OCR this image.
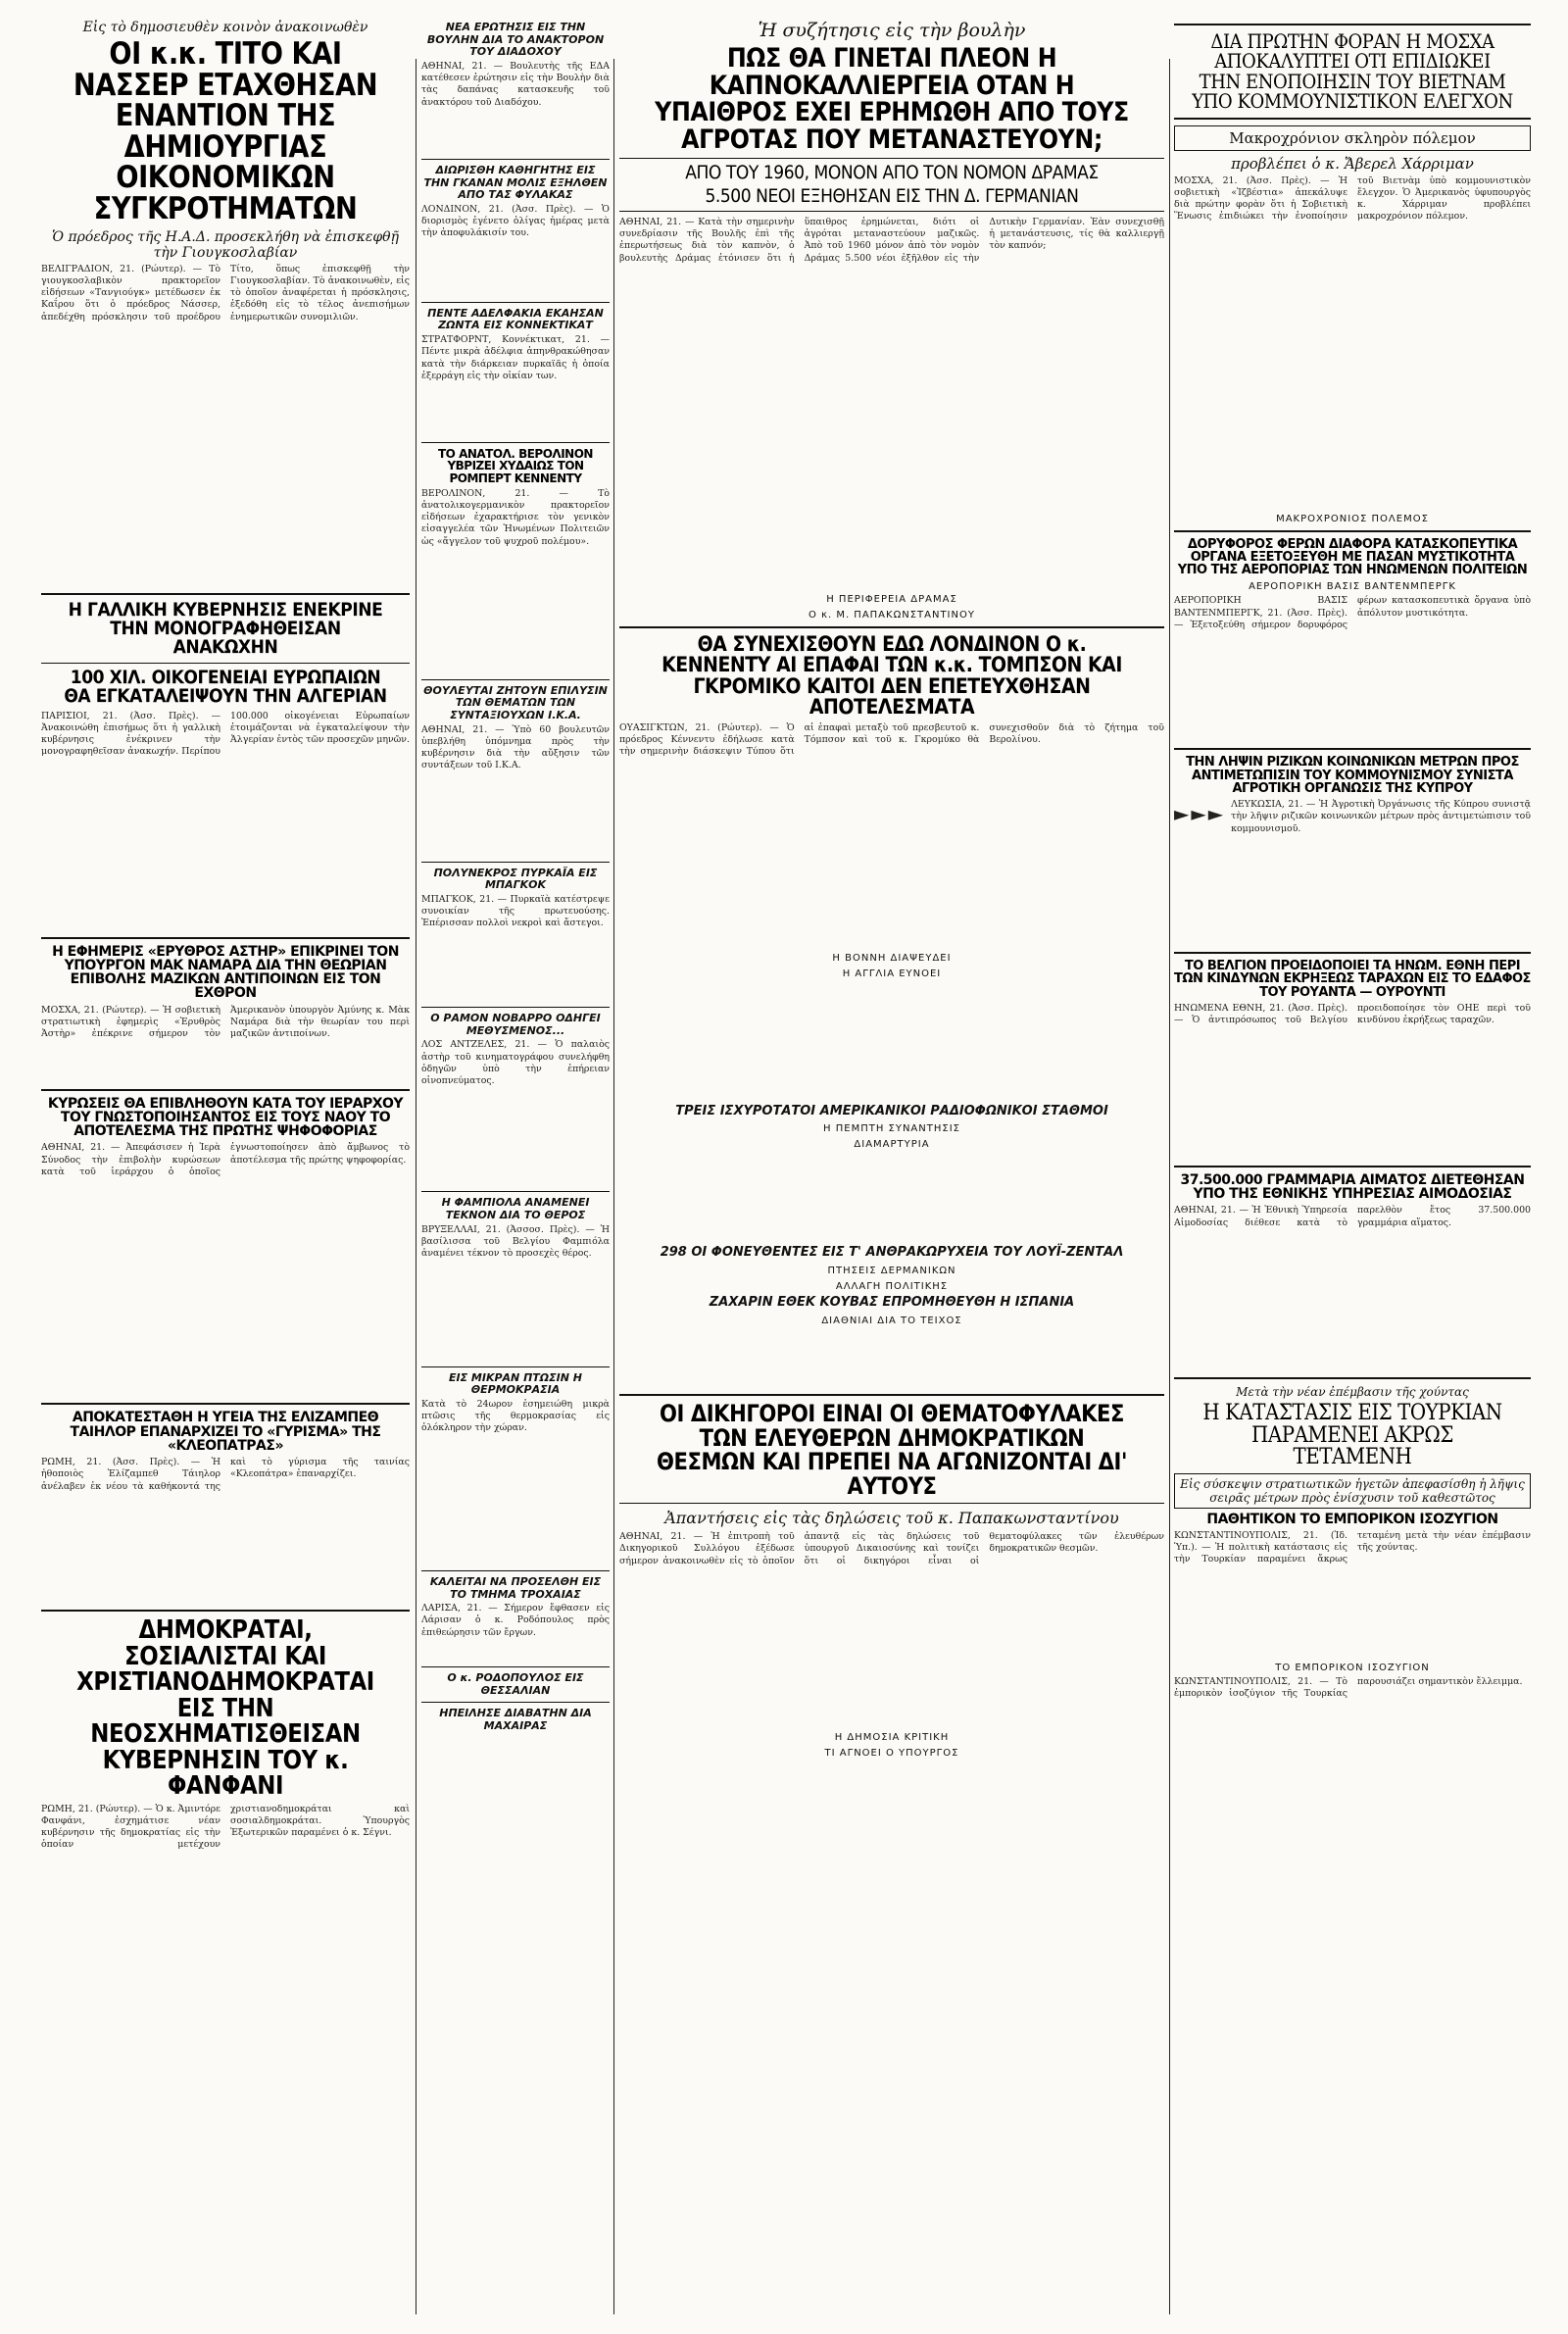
Εἰς τὸ δημοσιευθὲν κοινὸν ἀνακοινωθὲν
ΟΙ κ.κ. ΤΙΤΟ ΚΑΙ ΝΑΣΣΕΡ ΕΤΑΧΘΗΣΑΝ ΕΝΑΝΤΙΟΝ ΤΗΣ ΔΗΜΙΟΥΡΓΙΑΣ ΟΙΚΟΝΟΜΙΚΩΝ ΣΥΓΚΡΟΤΗΜΑΤΩΝ
Ὁ πρόεδρος τῆς Η.Α.Δ. προσεκλήθη νὰ ἐπισκεφθῇ τὴν Γιουγκοσλαβίαν
ΒΕΛΙΓΡΑΔΙΟΝ, 21. (Ρώυτερ). — Τὸ γιουγκοσλαβικὸν πρακτορεῖον εἰδήσεων «Τανγιούγκ» μετέδωσεν ἐκ Καΐρου ὅτι ὁ πρόεδρος Νάσσερ, ἀπεδέχθη πρόσκλησιν τοῦ προέδρου Τίτο, ὅπως ἐπισκεφθῇ τὴν Γιουγκοσλαβίαν. Τὸ ἀνακοινωθὲν, εἰς τὸ ὁποῖον ἀναφέρεται ἡ πρόσκλησις, ἐξεδόθη εἰς τὸ τέλος ἀνεπισήμων ἐνημερωτικῶν συνομιλιῶν.
Η ΓΑΛΛΙΚΗ ΚΥΒΕΡΝΗΣΙΣ ΕΝΕΚΡΙΝΕ ΤΗΝ ΜΟΝΟΓΡΑΦΗΘΕΙΣΑΝ ΑΝΑΚΩΧΗΝ
100 ΧΙΛ. ΟΙΚΟΓΕΝΕΙΑΙ ΕΥΡΩΠΑΙΩΝ ΘΑ ΕΓΚΑΤΑΛΕΙΨΟΥΝ ΤΗΝ ΑΛΓΕΡΙΑΝ
ΠΑΡΙΣΙΟΙ, 21. (Ἀσσ. Πρὲς). — Ἀνακοινώθη ἐπισήμως ὅτι ἡ γαλλικὴ κυβέρνησις ἐνέκρινεν τὴν μονογραφηθεῖσαν ἀνακωχήν. Περίπου 100.000 οἰκογένειαι Εὐρωπαίων ἐτοιμάζονται νὰ ἐγκαταλείψουν τὴν Ἀλγερίαν ἐντὸς τῶν προσεχῶν μηνῶν.
Η ΕΦΗΜΕΡΙΣ «ΕΡΥΘΡΟΣ ΑΣΤΗΡ» ΕΠΙΚΡΙΝΕΙ ΤΟΝ ΥΠΟΥΡΓΟΝ ΜΑΚ ΝΑΜΑΡΑ ΔΙΑ ΤΗΝ ΘΕΩΡΙΑΝ ΕΠΙΒΟΛΗΣ ΜΑΖΙΚΩΝ ΑΝΤΙΠΟΙΝΩΝ ΕΙΣ ΤΟΝ ΕΧΘΡΟΝ
ΜΟΣΧΑ, 21. (Ρώυτερ). — Ἡ σοβιετικὴ στρατιωτικὴ ἐφημερὶς «Ἐρυθρὸς Ἀστὴρ» ἐπέκρινε σήμερον τὸν Ἀμερικανὸν ὑπουργὸν Ἀμύνης κ. Μὰκ Ναμάρα διὰ τὴν θεωρίαν του περὶ μαζικῶν ἀντιποίνων.
ΚΥΡΩΣΕΙΣ ΘΑ ΕΠΙΒΛΗΘΟΥΝ ΚΑΤΑ ΤΟΥ ΙΕΡΑΡΧΟΥ ΤΟΥ ΓΝΩΣΤΟΠΟΙΗΣΑΝΤΟΣ ΕΙΣ ΤΟΥΣ ΝΑΟΥ ΤΟ ΑΠΟΤΕΛΕΣΜΑ ΤΗΣ ΠΡΩΤΗΣ ΨΗΦΟΦΟΡΙΑΣ
ΑΘΗΝΑΙ, 21. — Ἀπεφάσισεν ἡ Ἱερὰ Σύνοδος τὴν ἐπιβολὴν κυρώσεων κατὰ τοῦ ἱεράρχου ὁ ὁποῖος ἐγνωστοποίησεν ἀπὸ ἄμβωνος τὸ ἀποτέλεσμα τῆς πρώτης ψηφοφορίας.
ΑΠΟΚΑΤΕΣΤΑΘΗ Η ΥΓΕΙΑ ΤΗΣ ΕΛΙΖΑΜΠΕΘ ΤΑΙΗΛΟΡ ΕΠΑΝΑΡΧΙΖΕΙ ΤΟ «ΓΥΡΙΣΜΑ» ΤΗΣ «ΚΛΕΟΠΑΤΡΑΣ»
ΡΩΜΗ, 21. (Ἀσσ. Πρὲς). — Ἡ ἠθοποιὸς Ἐλίζαμπεθ Τάιηλορ ἀνέλαβεν ἐκ νέου τὰ καθήκοντά της καὶ τὸ γύρισμα τῆς ταινίας «Κλεοπάτρα» ἐπαναρχίζει.
ΔΗΜΟΚΡΑΤΑΙ, ΣΟΣΙΑΛΙΣΤΑΙ ΚΑΙ ΧΡΙΣΤΙΑΝΟΔΗΜΟΚΡΑΤΑΙ ΕΙΣ ΤΗΝ ΝΕΟΣΧΗΜΑΤΙΣΘΕΙΣΑΝ ΚΥΒΕΡΝΗΣΙΝ ΤΟΥ κ. ΦΑΝΦΑΝΙ
ΡΩΜΗ, 21. (Ρώυτερ). — Ὁ κ. Ἀμιντόρε Φανφάνι, ἐσχημάτισε νέαν κυβέρνησιν τῆς δημοκρατίας εἰς τὴν ὁποίαν μετέχουν χριστιανοδημοκράται καὶ σοσιαλδημοκράται. Ὑπουργὸς Ἐξωτερικῶν παραμένει ὁ κ. Σέγνι.
ΝΕΑ ΕΡΩΤΗΣΙΣ ΕΙΣ ΤΗΝ ΒΟΥΛΗΝ ΔΙΑ ΤΟ ΑΝΑΚΤΟΡΟΝ ΤΟΥ ΔΙΑΔΟΧΟΥ
ΑΘΗΝΑΙ, 21. — Βουλευτὴς τῆς ΕΔΑ κατέθεσεν ἐρώτησιν εἰς τὴν Βουλὴν διὰ τὰς δαπάνας κατασκευῆς τοῦ ἀνακτόρου τοῦ Διαδόχου.
ΔΙΩΡΙΣΘΗ ΚΑΘΗΓΗΤΗΣ ΕΙΣ ΤΗΝ ΓΚΑΝΑΝ ΜΟΛΙΣ ΕΞΗΛΘΕΝ ΑΠΟ ΤΑΣ ΦΥΛΑΚΑΣ
ΛΟΝΔΙΝΟΝ, 21. (Ἀσσ. Πρὲς). — Ὁ διορισμὸς ἐγένετο ὀλίγας ἡμέρας μετὰ τὴν ἀποφυλάκισίν του.
ΠΕΝΤΕ ΑΔΕΛΦΑΚΙΑ ΕΚΑΗΣΑΝ ΖΩΝΤΑ ΕΙΣ ΚΟΝΝΕΚΤΙΚΑΤ
ΣΤΡΑΤΦΟΡΝΤ, Κοννέκτικατ, 21. — Πέντε μικρὰ ἀδέλφια ἀπηνθρακώθησαν κατὰ τὴν διάρκειαν πυρκαϊᾶς ἡ ὁποία ἐξερράγη εἰς τὴν οἰκίαν των.
ΤΟ ΑΝΑΤΟΛ. ΒΕΡΟΛΙΝΟΝ ΥΒΡΙΖΕΙ ΧΥΔΑΙΩΣ ΤΟΝ ΡΟΜΠΕΡΤ ΚΕΝΝΕΝΤΥ
ΒΕΡΟΛΙΝΟΝ, 21. — Τὸ ἀνατολικογερμανικὸν πρακτορεῖον εἰδήσεων ἐχαρακτήρισε τὸν γενικὸν εἰσαγγελέα τῶν Ἡνωμένων Πολιτειῶν ὡς «ἄγγελον τοῦ ψυχροῦ πολέμου».
ΘΟΥΛΕΥΤΑΙ ΖΗΤΟΥΝ ΕΠΙΛΥΣΙΝ ΤΩΝ ΘΕΜΑΤΩΝ ΤΩΝ ΣΥΝΤΑΞΙΟΥΧΩΝ Ι.Κ.Α.
ΑΘΗΝΑΙ, 21. — Ὑπὸ 60 βουλευτῶν ὑπεβλήθη ὑπόμνημα πρὸς τὴν κυβέρνησιν διὰ τὴν αὔξησιν τῶν συντάξεων τοῦ Ι.Κ.Α.
ΠΟΛΥΝΕΚΡΟΣ ΠΥΡΚΑΪΑ ΕΙΣ ΜΠΑΓΚΟΚ
ΜΠΑΓΚΟΚ, 21. — Πυρκαϊὰ κατέστρεψε συνοικίαν τῆς πρωτευούσης. Ἐπέρισσαν πολλοὶ νεκροὶ καὶ ἄστεγοι.
Ο ΡΑΜΟΝ ΝΟΒΑΡΡΟ ΟΔΗΓΕΙ ΜΕΘΥΣΜΕΝΟΣ...
ΛΟΣ ΑΝΤΖΕΛΕΣ, 21. — Ὁ παλαιὸς ἀστὴρ τοῦ κινηματογράφου συνελήφθη ὁδηγῶν ὑπὸ τὴν ἐπήρειαν οἰνοπνεύματος.
Η ΦΑΜΠΙΟΛΑ ΑΝΑΜΕΝΕΙ ΤΕΚΝΟΝ ΔΙΑ ΤΟ ΘΕΡΟΣ
ΒΡΥΞΕΛΛΑΙ, 21. (Ἀσσοσ. Πρὲς). — Ἡ βασίλισσα τοῦ Βελγίου Φαμπιόλα ἀναμένει τέκνον τὸ προσεχὲς θέρος.
ΕΙΣ ΜΙΚΡΑΝ ΠΤΩΣΙΝ Η ΘΕΡΜΟΚΡΑΣΙΑ
Κατὰ τὸ 24ωρον ἐσημειώθη μικρὰ πτῶσις τῆς θερμοκρασίας εἰς ὁλόκληρον τὴν χώραν.
ΚΑΛΕΙΤΑΙ ΝΑ ΠΡΟΣΕΛΘΗ ΕΙΣ ΤΟ ΤΜΗΜΑ ΤΡΟΧΑΙΑΣ
ΛΑΡΙΣΑ, 21. — Σήμερον ἔφθασεν εἰς Λάρισαν ὁ κ. Ροδόπουλος πρὸς ἐπιθεώρησιν τῶν ἔργων.
Ο κ. ΡΟΔΟΠΟΥΛΟΣ ΕΙΣ ΘΕΣΣΑΛΙΑΝ
ΗΠΕΙΛΗΣΕ ΔΙΑΒΑΤΗΝ ΔΙΑ ΜΑΧΑΙΡΑΣ
Ἡ συζήτησις εἰς τὴν βουλὴν
ΠΩΣ ΘΑ ΓΙΝΕΤΑΙ ΠΛΕΟΝ Η ΚΑΠΝΟΚΑΛΛΙΕΡΓΕΙΑ ΟΤΑΝ Η ΥΠΑΙΘΡΟΣ ΕΧΕΙ ΕΡΗΜΩΘΗ ΑΠΟ ΤΟΥΣ ΑΓΡΟΤΑΣ ΠΟΥ ΜΕΤΑΝΑΣΤΕΥΟΥΝ;
ΑΠΟ ΤΟΥ 1960, ΜΟΝΟΝ ΑΠΟ ΤΟΝ ΝΟΜΟΝ ΔΡΑΜΑΣ
5.500 ΝΕΟΙ ΕΞΗΘΗΣΑΝ ΕΙΣ ΤΗΝ Δ. ΓΕΡΜΑΝΙΑΝ
ΑΘΗΝΑΙ, 21. — Κατὰ τὴν σημερινὴν συνεδρίασιν τῆς Βουλῆς ἐπὶ τῆς ἐπερωτήσεως διὰ τὸν καπνὸν, ὁ βουλευτὴς Δράμας ἐτόνισεν ὅτι ἡ ὕπαιθρος ἐρημώνεται, διότι οἱ ἀγρόται μεταναστεύουν μαζικῶς. Ἀπὸ τοῦ 1960 μόνον ἀπὸ τὸν νομὸν Δράμας 5.500 νέοι ἐξῆλθον εἰς τὴν Δυτικὴν Γερμανίαν. Ἐὰν συνεχισθῇ ἡ μετανάστευσις, τίς θὰ καλλιεργῇ τὸν καπνόν;
Η ΠΕΡΙΦΕΡΕΙΑ ΔΡΑΜΑΣ
Ο κ. Μ. ΠΑΠΑΚΩΝΣΤΑΝΤΙΝΟΥ
ΘΑ ΣΥΝΕΧΙΣΘΟΥΝ ΕΔΩ ΛΟΝΔΙΝΟΝ Ο κ. ΚΕΝΝΕΝΤΥ ΑΙ ΕΠΑΦΑΙ ΤΩΝ κ.κ. ΤΟΜΠΣΟΝ ΚΑΙ ΓΚΡΟΜΙΚΟ ΚΑΙΤΟΙ ΔΕΝ ΕΠΕΤΕΥΧΘΗΣΑΝ ΑΠΟΤΕΛΕΣΜΑΤΑ
ΟΥΑΣΙΓΚΤΩΝ, 21. (Ρώυτερ). — Ὁ πρόεδρος Κέννεντυ ἐδήλωσε κατὰ τὴν σημερινὴν διάσκεψιν Τύπου ὅτι αἱ ἐπαφαὶ μεταξὺ τοῦ πρεσβευτοῦ κ. Τόμπσον καὶ τοῦ κ. Γκρομύκο θὰ συνεχισθοῦν διὰ τὸ ζήτημα τοῦ Βερολίνου.
Η ΒΟΝΝΗ ΔΙΑΨΕΥΔΕΙ
Η ΑΓΓΛΙΑ ΕΥΝΟΕΙ
ΤΡΕΙΣ ΙΣΧΥΡΟΤΑΤΟΙ ΑΜΕΡΙΚΑΝΙΚΟΙ ΡΑΔΙΟΦΩΝΙΚΟΙ ΣΤΑΘΜΟΙ
Η ΠΕΜΠΤΗ ΣΥΝΑΝΤΗΣΙΣ
ΔΙΑΜΑΡΤΥΡΙΑ
298 ΟΙ ΦΟΝΕΥΘΕΝΤΕΣ ΕΙΣ Τ' ΑΝΘΡΑΚΩΡΥΧΕΙΑ ΤΟΥ ΛΟΥΪ-ΖΕΝΤΑΛ
ΠΤΗΣΕΙΣ ΔΕΡΜΑΝΙΚΩΝ
ΑΛΛΑΓΗ ΠΟΛΙΤΙΚΗΣ
ΖΑΧΑΡΙΝ ΕΘΕΚ ΚΟΥΒΑΣ ΕΠΡΟΜΗΘΕΥΘΗ Η ΙΣΠΑΝΙΑ
ΔΙΑΘΝΙΑΙ ΔΙΑ ΤΟ ΤΕΙΧΟΣ
ΟΙ ΔΙΚΗΓΟΡΟΙ ΕΙΝΑΙ ΟΙ ΘΕΜΑΤΟΦΥΛΑΚΕΣ ΤΩΝ ΕΛΕΥΘΕΡΩΝ ΔΗΜΟΚΡΑΤΙΚΩΝ ΘΕΣΜΩΝ ΚΑΙ ΠΡΕΠΕΙ ΝΑ ΑΓΩΝΙΖΟΝΤΑΙ ΔΙ' ΑΥΤΟΥΣ
Ἀπαντήσεις εἰς τὰς δηλώσεις τοῦ κ. Παπακωνσταντίνου
ΑΘΗΝΑΙ, 21. — Ἡ ἐπιτροπὴ τοῦ Δικηγορικοῦ Συλλόγου ἐξέδωσε σήμερον ἀνακοινωθὲν εἰς τὸ ὁποῖον ἀπαντᾷ εἰς τὰς δηλώσεις τοῦ ὑπουργοῦ Δικαιοσύνης καὶ τονίζει ὅτι οἱ δικηγόροι εἶναι οἱ θεματοφύλακες τῶν ἐλευθέρων δημοκρατικῶν θεσμῶν.
Η ΔΗΜΟΣΙΑ ΚΡΙΤΙΚΗ
ΤΙ ΑΓΝΟΕΙ Ο ΥΠΟΥΡΓΟΣ
ΔΙΑ ΠΡΩΤΗΝ ΦΟΡΑΝ Η ΜΟΣΧΑ ΑΠΟΚΑΛΥΠΤΕΙ ΟΤΙ ΕΠΙΔΙΩΚΕΙ ΤΗΝ ΕΝΟΠΟΙΗΣΙΝ ΤΟΥ ΒΙΕΤΝΑΜ ΥΠΟ ΚΟΜΜΟΥΝΙΣΤΙΚΟΝ ΕΛΕΓΧΟΝ
Μακροχρόνιον σκληρὸν πόλεμον
προβλέπει ὁ κ. Ἄβερελ Χάρριμαν
ΜΟΣΧΑ, 21. (Ἀσσ. Πρὲς). — Ἡ σοβιετικὴ «Ἰζβέστια» ἀπεκάλυψε διὰ πρώτην φορὰν ὅτι ἡ Σοβιετικὴ Ἕνωσις ἐπιδιώκει τὴν ἑνοποίησιν τοῦ Βιετνὰμ ὑπὸ κομμουνιστικὸν ἔλεγχον. Ὁ Ἀμερικανὸς ὑφυπουργὸς κ. Χάρριμαν προβλέπει μακροχρόνιον πόλεμον.
ΜΑΚΡΟΧΡΟΝΙΟΣ ΠΟΛΕΜΟΣ
ΔΟΡΥΦΟΡΟΣ ΦΕΡΩΝ ΔΙΑΦΟΡΑ ΚΑΤΑΣΚΟΠΕΥΤΙΚΑ ΟΡΓΑΝΑ ΕΞΕΤΟΞΕΥΘΗ ΜΕ ΠΑΣΑΝ ΜΥΣΤΙΚΟΤΗΤΑ ΥΠΟ ΤΗΣ ΑΕΡΟΠΟΡΙΑΣ ΤΩΝ ΗΝΩΜΕΝΩΝ ΠΟΛΙΤΕΙΩΝ
ΑΕΡΟΠΟΡΙΚΗ ΒΑΣΙΣ ΒΑΝΤΕΝΜΠΕΡΓΚ
ΑΕΡΟΠΟΡΙΚΗ ΒΑΣΙΣ ΒΑΝΤΕΝΜΠΕΡΓΚ, 21. (Ἀσσ. Πρὲς). — Ἐξετοξεύθη σήμερον δορυφόρος φέρων κατασκοπευτικὰ ὄργανα ὑπὸ ἀπόλυτον μυστικότητα.
ΤΗΝ ΛΗΨΙΝ ΡΙΖΙΚΩΝ ΚΟΙΝΩΝΙΚΩΝ ΜΕΤΡΩΝ ΠΡΟΣ ΑΝΤΙΜΕΤΩΠΙΣΙΝ ΤΟΥ ΚΟΜΜΟΥΝΙΣΜΟΥ ΣΥΝΙΣΤΑ ΑΓΡΟΤΙΚΗ ΟΡΓΑΝΩΣΙΣ ΤΗΣ ΚΥΠΡΟΥ
►►► ΛΕΥΚΩΣΙΑ, 21. — Ἡ Ἀγροτικὴ Ὀργάνωσις τῆς Κύπρου συνιστᾷ τὴν λῆψιν ριζικῶν κοινωνικῶν μέτρων πρὸς ἀντιμετώπισιν τοῦ κομμουνισμοῦ.
ΤΟ ΒΕΛΓΙΟΝ ΠΡΟΕΙΔΟΠΟΙΕΙ ΤΑ ΗΝΩΜ. ΕΘΝΗ ΠΕΡΙ ΤΩΝ ΚΙΝΔΥΝΩΝ ΕΚΡΗΞΕΩΣ ΤΑΡΑΧΩΝ ΕΙΣ ΤΟ ΕΔΑΦΟΣ ΤΟΥ ΡΟΥΑΝΤΑ — ΟΥΡΟΥΝΤΙ
ΗΝΩΜΕΝΑ ΕΘΝΗ, 21. (Ἀσσ. Πρὲς). — Ὁ ἀντιπρόσωπος τοῦ Βελγίου προειδοποίησε τὸν ΟΗΕ περὶ τοῦ κινδύνου ἐκρήξεως ταραχῶν.
37.500.000 ΓΡΑΜΜΑΡΙΑ ΑΙΜΑΤΟΣ ΔΙΕΤΕΘΗΣΑΝ ΥΠΟ ΤΗΣ ΕΘΝΙΚΗΣ ΥΠΗΡΕΣΙΑΣ ΑΙΜΟΔΟΣΙΑΣ
ΑΘΗΝΑΙ, 21. — Ἡ Ἐθνικὴ Ὑπηρεσία Αἱμοδοσίας διέθεσε κατὰ τὸ παρελθὸν ἔτος 37.500.000 γραμμάρια αἵματος.
Μετὰ τὴν νέαν ἐπέμβασιν τῆς χούντας
Η ΚΑΤΑΣΤΑΣΙΣ ΕΙΣ ΤΟΥΡΚΙΑΝ ΠΑΡΑΜΕΝΕΙ ΑΚΡΩΣ ΤΕΤΑΜΕΝΗ
Εἰς σύσκεψιν στρατιωτικῶν ἡγετῶν ἀπεφασίσθη ἡ λῆψις σειρᾶς μέτρων πρὸς ἑνίσχυσιν τοῦ καθεστῶτος
ΠΑΘΗΤΙΚΟΝ ΤΟ ΕΜΠΟΡΙΚΟΝ ΙΣΟΖΥΓΙΟΝ
ΚΩΝΣΤΑΝΤΙΝΟΥΠΟΛΙΣ, 21. (Ἰδ. Ὑπ.). — Ἡ πολιτικὴ κατάστασις εἰς τὴν Τουρκίαν παραμένει ἄκρως τεταμένη μετὰ τὴν νέαν ἐπέμβασιν τῆς χούντας.
ΤΟ ΕΜΠΟΡΙΚΟΝ ΙΣΟΖΥΓΙΟΝ
ΚΩΝΣΤΑΝΤΙΝΟΥΠΟΛΙΣ, 21. — Τὸ ἐμπορικὸν ἰσοζύγιον τῆς Τουρκίας παρουσιάζει σημαντικὸν ἔλλειμμα.
